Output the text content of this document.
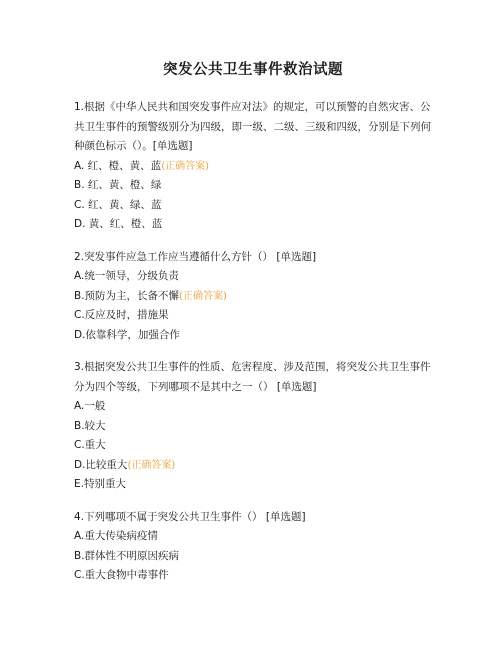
突发公共卫生事件救治试题

1.根据《中华人民共和国突发事件应对法》的规定，可以预警的自然灾害、公共卫生事件的预警级别分为四级，即一级、二级、三级和四级，分别是下列何种颜色标示（）。[单选题]

A. 红、橙、黄、蓝(正确答案)

B. 红、黄、橙、绿

C. 红、黄、绿、蓝

D. 黄、红、橙、蓝

2.突发事件应急工作应当遵循什么方针（） [单选题]

A.统一领导，分级负责

B.预防为主，长备不懈(正确答案)

C.反应及时，措施果

D.依靠科学，加强合作

3.根据突发公共卫生事件的性质、危害程度、涉及范围，将突发公共卫生事件分为四个等级，下列哪项不是其中之一（） [单选题]

A.一般

B.较大

C.重大

D.比较重大(正确答案)

E.特别重大

4.下列哪项不属于突发公共卫生事件（） [单选题]

A.重大传染病疫情

B.群体性不明原因疾病

C.重大食物中毒事件
